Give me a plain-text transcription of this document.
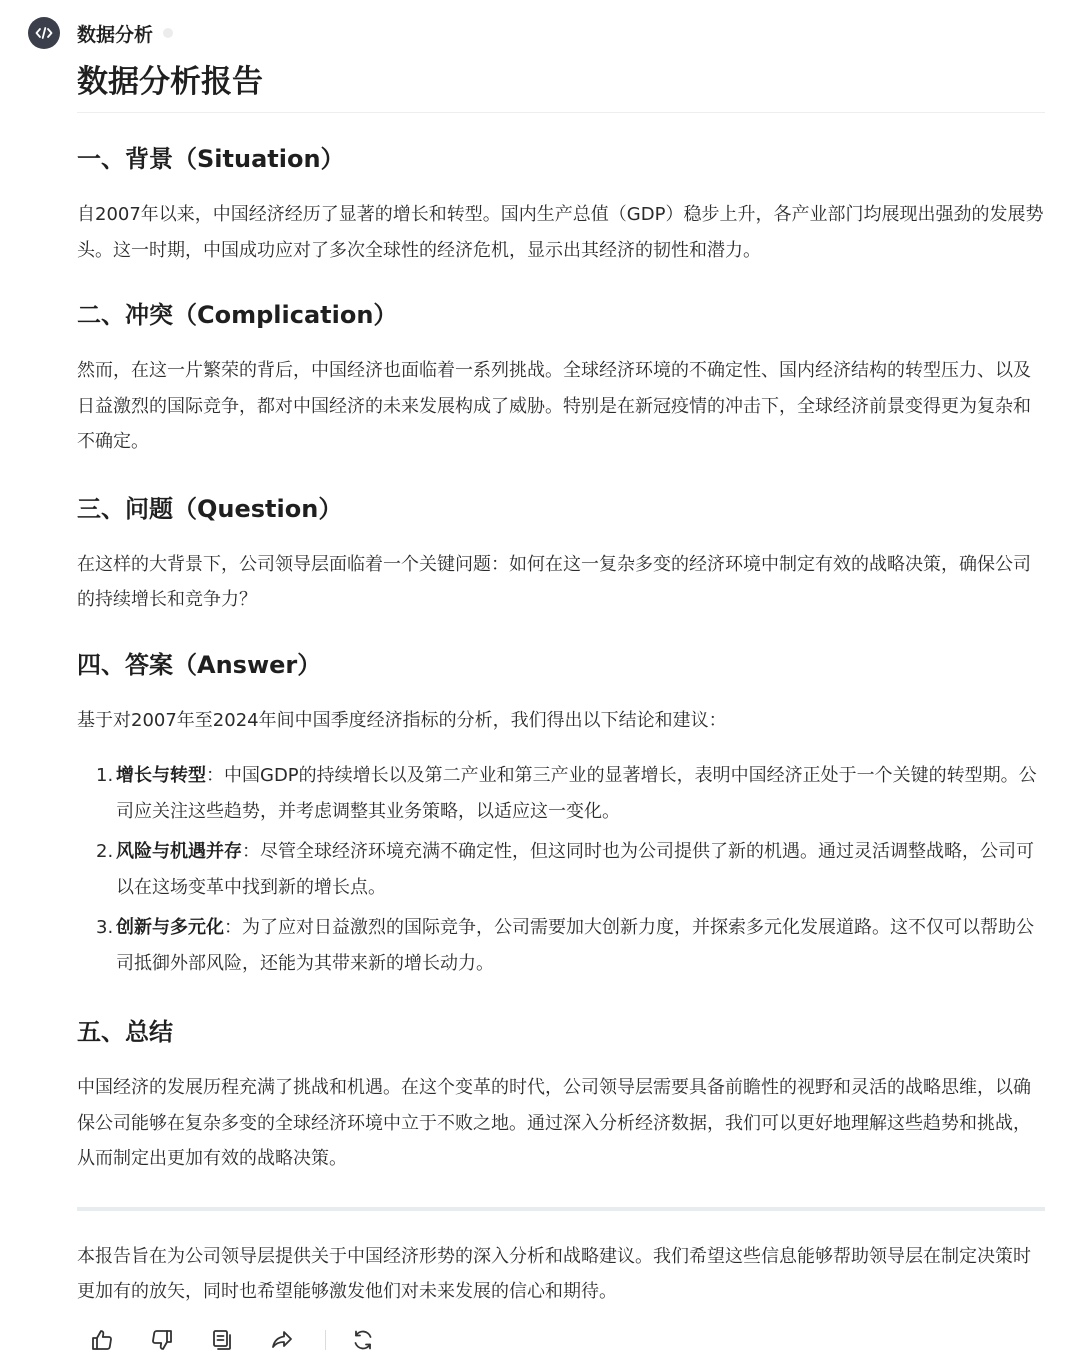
数据分析
数据分析报告
一、背景（Situation）

自2007年以来，中国经济经历了显著的增长和转型。国内生产总值（GDP）稳步上升，各产业部门均展现出强劲的发展势头。这一时期，中国成功应对了多次全球性的经济危机，显示出其经济的韧性和潜力。

二、冲突（Complication）

然而，在这一片繁荣的背后，中国经济也面临着一系列挑战。全球经济环境的不确定性、国内经济结构的转型压力、以及日益激烈的国际竞争，都对中国经济的未来发展构成了威胁。特别是在新冠疫情的冲击下，全球经济前景变得更为复杂和不确定。

三、问题（Question）

在这样的大背景下，公司领导层面临着一个关键问题：如何在这一复杂多变的经济环境中制定有效的战略决策，确保公司的持续增长和竞争力？

四、答案（Answer）

基于对2007年至2024年间中国季度经济指标的分析，我们得出以下结论和建议：

1. 增长与转型：中国GDP的持续增长以及第二产业和第三产业的显著增长，表明中国经济正处于一个关键的转型期。公司应关注这些趋势，并考虑调整其业务策略，以适应这一变化。
2. 风险与机遇并存：尽管全球经济环境充满不确定性，但这同时也为公司提供了新的机遇。通过灵活调整战略，公司可以在这场变革中找到新的增长点。
3. 创新与多元化：为了应对日益激烈的国际竞争，公司需要加大创新力度，并探索多元化发展道路。这不仅可以帮助公司抵御外部风险，还能为其带来新的增长动力。
五、总结

中国经济的发展历程充满了挑战和机遇。在这个变革的时代，公司领导层需要具备前瞻性的视野和灵活的战略思维，以确保公司能够在复杂多变的全球经济环境中立于不败之地。通过深入分析经济数据，我们可以更好地理解这些趋势和挑战，从而制定出更加有效的战略决策。

本报告旨在为公司领导层提供关于中国经济形势的深入分析和战略建议。我们希望这些信息能够帮助领导层在制定决策时更加有的放矢，同时也希望能够激发他们对未来发展的信心和期待。
